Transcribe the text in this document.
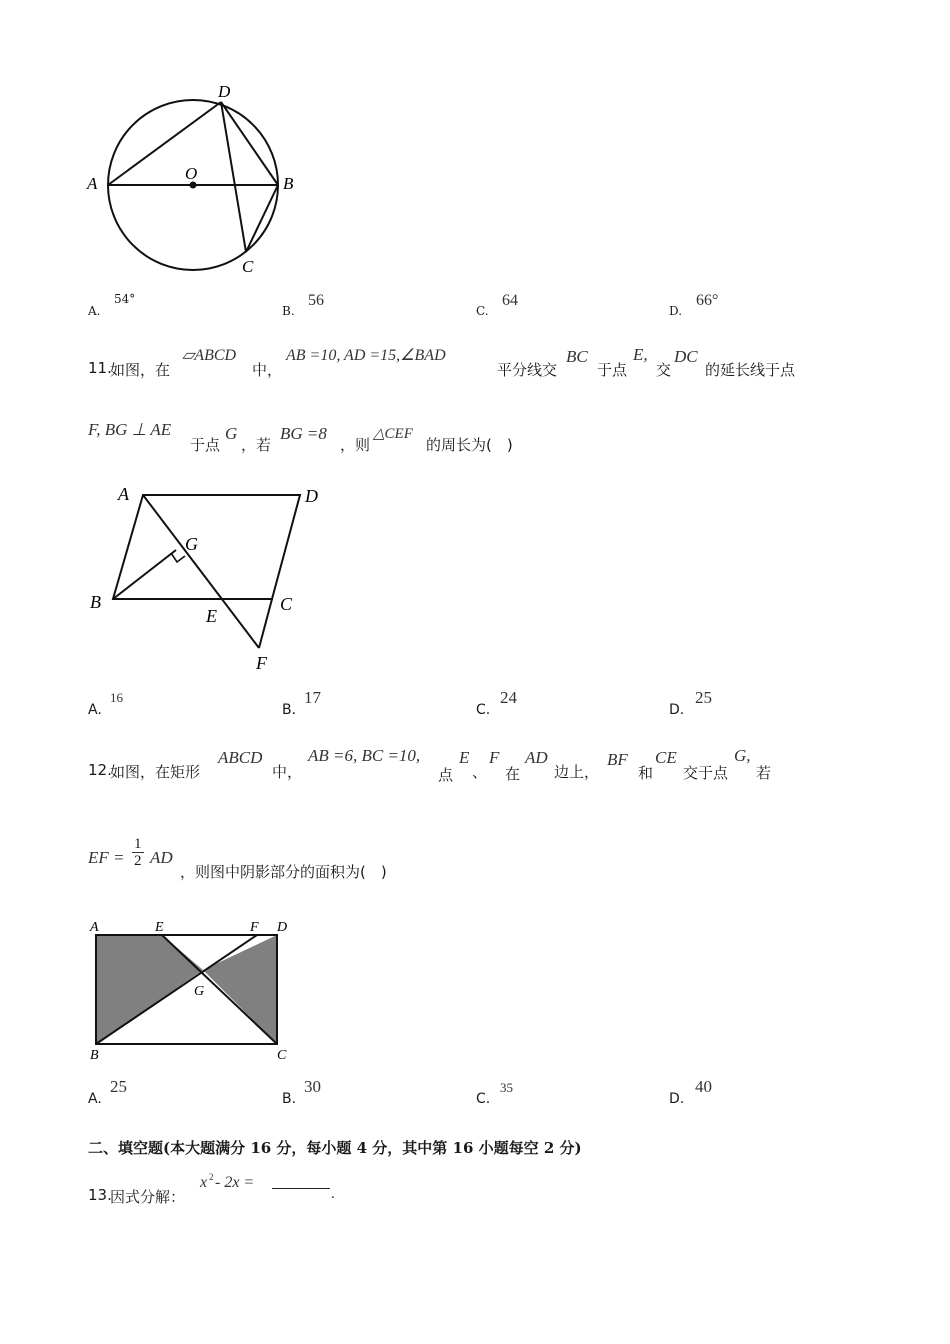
A	B
C
D
O
A.
54°
B.
56
C.
64
D.
66°
11.
如图，在
▱ABCD
中，
AB =10, AD =15,∠BAD
平分线交
BC
于点
E,
交
DC
的延长线于点
F, BG ⊥ AE
于点
G
，若
BG =8
，则
△CEF
的周长为(　)
A	D
B	C
E
F
G
A.
16
B.
17
C.
24
D.
25
12.
如图，在矩形
ABCD
中，
AB =6, BC =10,
点
E
、
F
在
AD
边上，
BF
和
CE
交于点
G,
若
EF = $\frac{1}{2}$ AD
，则图中阴影部分的面积为(　)
A	E	F D
G
B	C
A.
25
B.
30
C.
35
D.
40
二、填空题(本大题满分 16 分，每小题 4 分，其中第 16 小题每空 2 分)
13.
因式分解：
x 2 - 2x =
.
